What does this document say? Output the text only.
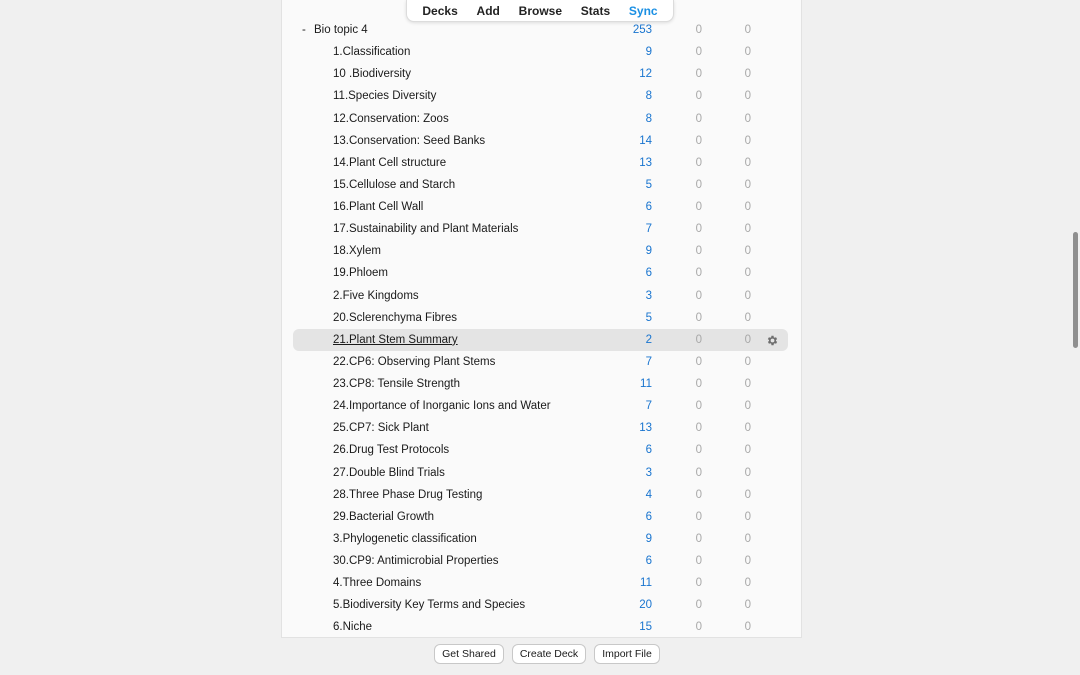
- Bio topic 4	253	0	0
1.Classification	9	0	0
10 .Biodiversity	12	0	0
11.Species Diversity	8	0	0
12.Conservation: Zoos	8	0	0
13.Conservation: Seed Banks	14	0	0
14.Plant Cell structure	13	0	0
15.Cellulose and Starch	5	0	0
16.Plant Cell Wall	6	0	0
17.Sustainability and Plant Materials	7	0	0
18.Xylem	9	0	0
19.Phloem	6	0	0
2.Five Kingdoms	3	0	0
20.Sclerenchyma Fibres	5	0	0
21.Plant Stem Summary	2	0	0
22.CP6: Observing Plant Stems	7	0	0
23.CP8: Tensile Strength	11	0	0
24.Importance of Inorganic Ions and Water	7	0	0
25.CP7: Sick Plant	13	0	0
26.Drug Test Protocols	6	0	0
27.Double Blind Trials	3	0	0
28.Three Phase Drug Testing	4	0	0
29.Bacterial Growth	6	0	0
3.Phylogenetic classification	9	0	0
30.CP9: Antimicrobial Properties	6	0	0
4.Three Domains	11	0	0
5.Biodiversity Key Terms and Species	20	0	0
6.Niche	15	0	0
Decks Add Browse Stats Sync
Get Shared	Create Deck	Import File
